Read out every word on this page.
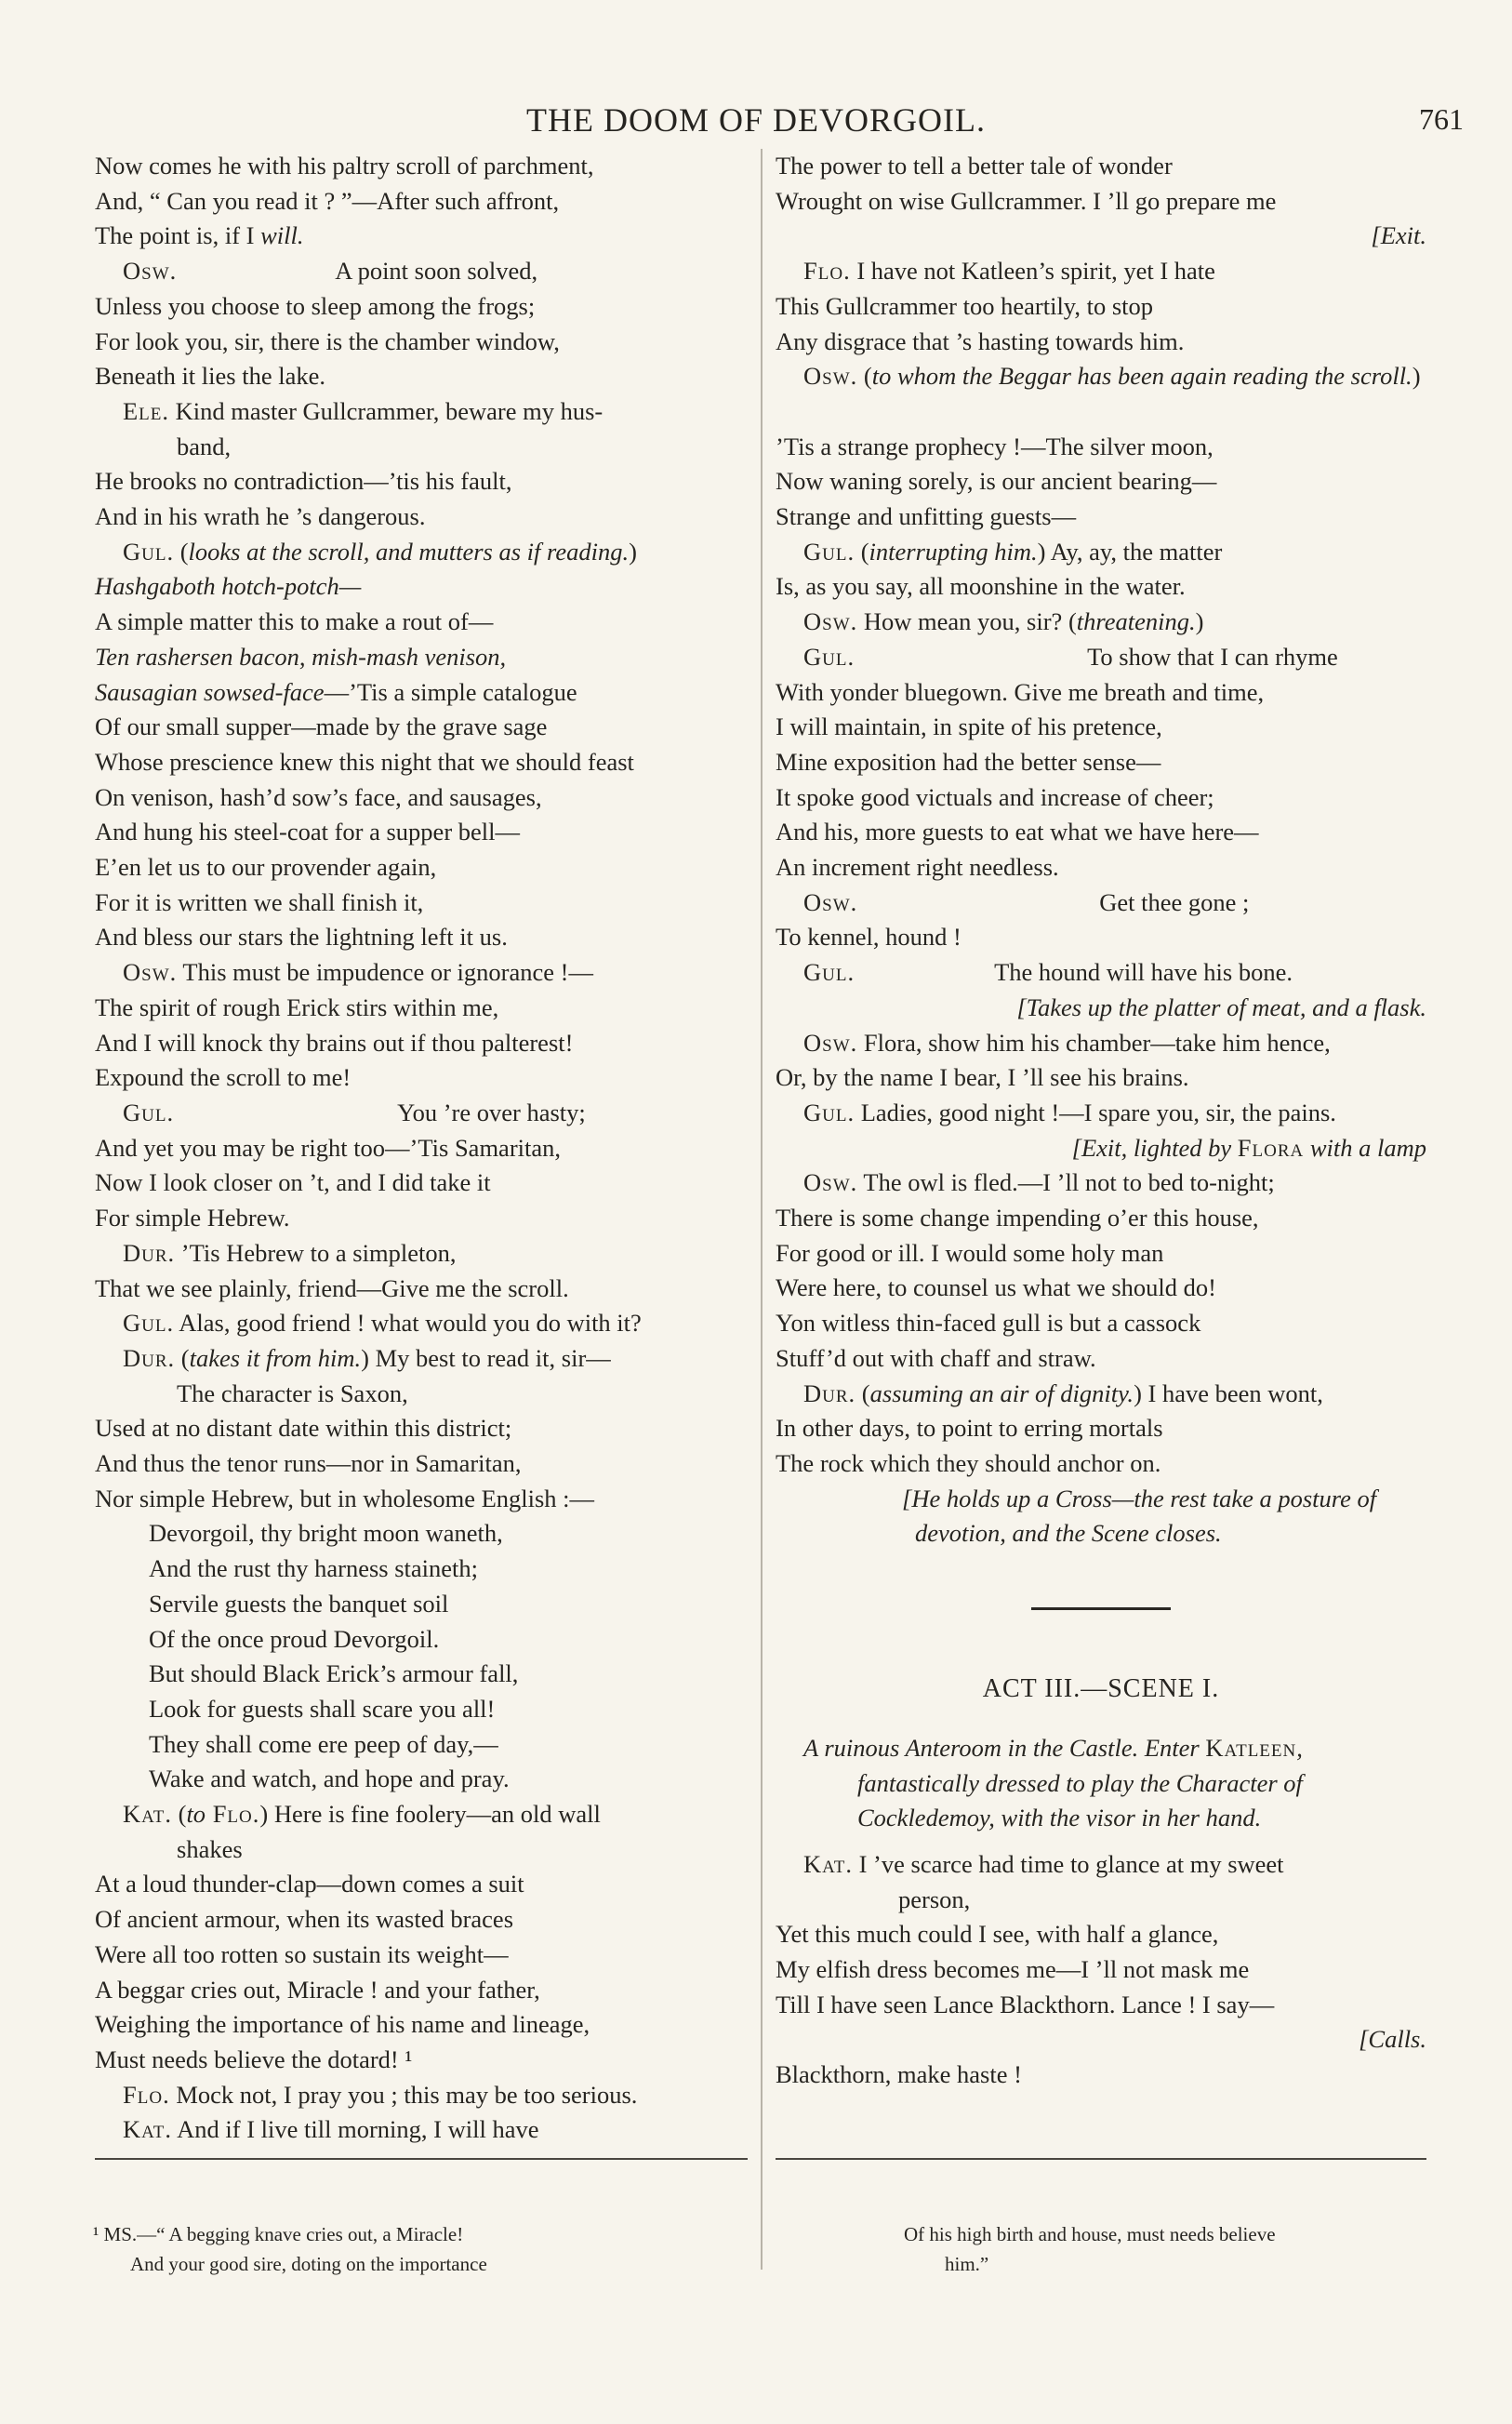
THE DOOM OF DEVORGOIL.	761
Now comes he with his paltry scroll of parchment,
And, “ Can you read it ? ”—After such affront,
The point is, if I will.
Osw.	A point soon solved,
Unless you choose to sleep among the frogs;
For look you, sir, there is the chamber window,
Beneath it lies the lake.
Ele. Kind master Gullcrammer, beware my hus-
band,
He brooks no contradiction—’tis his fault,
And in his wrath he ’s dangerous.
Gul. (looks at the scroll, and mutters as if reading.)
Hashgaboth hotch-potch—
A simple matter this to make a rout of—
Ten rashersen bacon, mish-mash venison,
Sausagian sowsed-face—’Tis a simple catalogue
Of our small supper—made by the grave sage
Whose prescience knew this night that we should feast
On venison, hash’d sow’s face, and sausages,
And hung his steel-coat for a supper bell—
E’en let us to our provender again,
For it is written we shall finish it,
And bless our stars the lightning left it us.
Osw. This must be impudence or ignorance !—
The spirit of rough Erick stirs within me,
And I will knock thy brains out if thou palterest!
Expound the scroll to me!
Gul.	You ’re over hasty;
And yet you may be right too—’Tis Samaritan,
Now I look closer on ’t, and I did take it
For simple Hebrew.
Dur. ’Tis Hebrew to a simpleton,
That we see plainly, friend—Give me the scroll.
Gul. Alas, good friend ! what would you do with it?
Dur. (takes it from him.) My best to read it, sir—
The character is Saxon,
Used at no distant date within this district;
And thus the tenor runs—nor in Samaritan,
Nor simple Hebrew, but in wholesome English :—
Devorgoil, thy bright moon waneth,
And the rust thy harness staineth;
Servile guests the banquet soil
Of the once proud Devorgoil.
But should Black Erick’s armour fall,
Look for guests shall scare you all!
They shall come ere peep of day,—
Wake and watch, and hope and pray.
Kat. (to Flo.) Here is fine foolery—an old wall
shakes
At a loud thunder-clap—down comes a suit
Of ancient armour, when its wasted braces
Were all too rotten so sustain its weight—
A beggar cries out, Miracle ! and your father,
Weighing the importance of his name and lineage,
Must needs believe the dotard! ¹
Flo. Mock not, I pray you ; this may be too serious.
Kat. And if I live till morning, I will have
The power to tell a better tale of wonder
Wrought on wise Gullcrammer. I ’ll go prepare me
[Exit.
Flo. I have not Katleen’s spirit, yet I hate
This Gullcrammer too heartily, to stop
Any disgrace that ’s hasting towards him.
Osw. (to whom the Beggar has been again reading the scroll.)
’Tis a strange prophecy !—The silver moon,
Now waning sorely, is our ancient bearing—
Strange and unfitting guests—
Gul. (interrupting him.) Ay, ay, the matter
Is, as you say, all moonshine in the water.
Osw. How mean you, sir? (threatening.)
Gul.	To show that I can rhyme
With yonder bluegown. Give me breath and time,
I will maintain, in spite of his pretence,
Mine exposition had the better sense—
It spoke good victuals and increase of cheer;
And his, more guests to eat what we have here—
An increment right needless.
Osw.	Get thee gone ;
To kennel, hound !
Gul.	The hound will have his bone.
[Takes up the platter of meat, and a flask.
Osw. Flora, show him his chamber—take him hence,
Or, by the name I bear, I ’ll see his brains.
Gul. Ladies, good night !—I spare you, sir, the pains.
[Exit, lighted by Flora with a lamp
Osw. The owl is fled.—I ’ll not to bed to-night;
There is some change impending o’er this house,
For good or ill. I would some holy man
Were here, to counsel us what we should do!
Yon witless thin-faced gull is but a cassock
Stuff’d out with chaff and straw.
Dur. (assuming an air of dignity.) I have been wont,
In other days, to point to erring mortals
The rock which they should anchor on.
[He holds up a Cross—the rest take a posture of devotion, and the Scene closes.
ACT III.—SCENE I.
A ruinous Anteroom in the Castle. Enter Katleen, fantastically dressed to play the Character of Cockledemoy, with the visor in her hand.
Kat. I ’ve scarce had time to glance at my sweet
person,
Yet this much could I see, with half a glance,
My elfish dress becomes me—I ’ll not mask me
Till I have seen Lance Blackthorn. Lance ! I say—
[Calls.
Blackthorn, make haste !
¹ MS.—“ A begging knave cries out, a Miracle!
And your good sire, doting on the importance
Of his high birth and house, must needs believe
him.”
